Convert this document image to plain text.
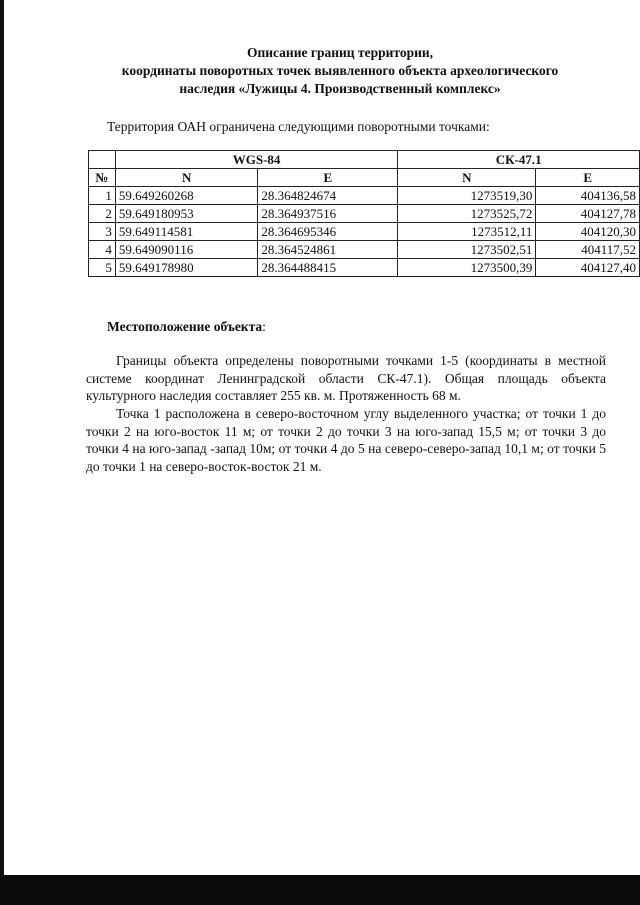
Описание границ территории,
координаты поворотных точек выявленного объекта археологического
наследия «Лужицы 4. Производственный комплекс»
Территория ОАН ограничена следующими поворотными точками:
	WGS-84		СК-47.1	
№	N	E	N	E
1	59.649260268	28.364824674	1273519,30	404136,58
2	59.649180953	28.364937516	1273525,72	404127,78
3	59.649114581	28.364695346	1273512,11	404120,30
4	59.649090116	28.364524861	1273502,51	404117,52
5	59.649178980	28.364488415	1273500,39	404127,40
Местоположение объекта:
Границы объекта определены поворотными точками 1-5 (координаты в местной системе координат Ленинградской области СК-47.1). Общая площадь объекта культурного наследия составляет 255 кв. м. Протяженность 68 м.
Точка 1 расположена в северо-восточном углу выделенного участка; от точки 1 до точки 2 на юго-восток 11 м; от точки 2 до точки 3 на юго-запад 15,5 м; от точки 3 до точки 4 на юго-запад -запад 10м; от точки 4 до 5 на северо-северо-запад 10,1 м; от точки 5 до точки 1 на северо-восток-восток 21 м.
